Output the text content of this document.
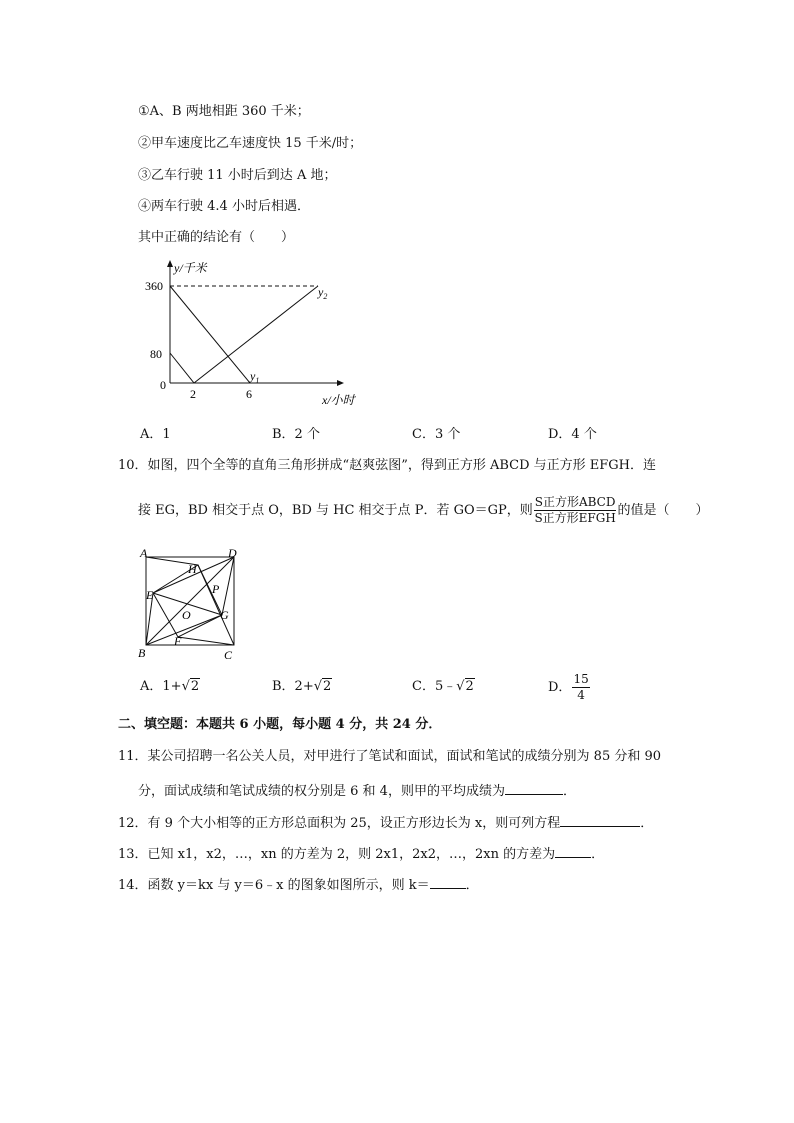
①A、B 两地相距 360 千米；
②甲车速度比乙车速度快 15 千米/时；
③乙车行驶 11 小时后到达 A 地；
④两车行驶 4.4 小时后相遇．
其中正确的结论有（　　）
y/千米
360
80
0
2	6	x/小时
$y_1$
$y_2$
A．1	B．2 个	C．3 个	D．4 个
10．如图，四个全等的直角三角形拼成“赵爽弦图”，得到正方形 ABCD 与正方形 EFGH．连
接 EG，BD 相交于点 O，BD 与 HC 相交于点 P．若 GO＝GP，则 $\frac{\text{S正方形ABCD}}{\text{S正方形EFGH}}$ 的值是（　　）
A	D
H
E	P
O G
F
B	C
A．1+√2	B．2+√2	C．5﹣√2	D． $\frac{15}{4}$
二、填空题：本题共 6 小题，每小题 4 分，共 24 分．
11．某公司招聘一名公关人员，对甲进行了笔试和面试，面试和笔试的成绩分别为 85 分和 90
分，面试成绩和笔试成绩的权分别是 6 和 4，则甲的平均成绩为	．
12．有 9 个大小相等的正方形总面积为 25，设正方形边长为 x，则可列方程	．
13．已知 x1，x2，…，xn 的方差为 2，则 2x1，2x2，…，2xn 的方差为	．
14．函数 y＝kx 与 y＝6﹣x 的图象如图所示，则 k＝	．
